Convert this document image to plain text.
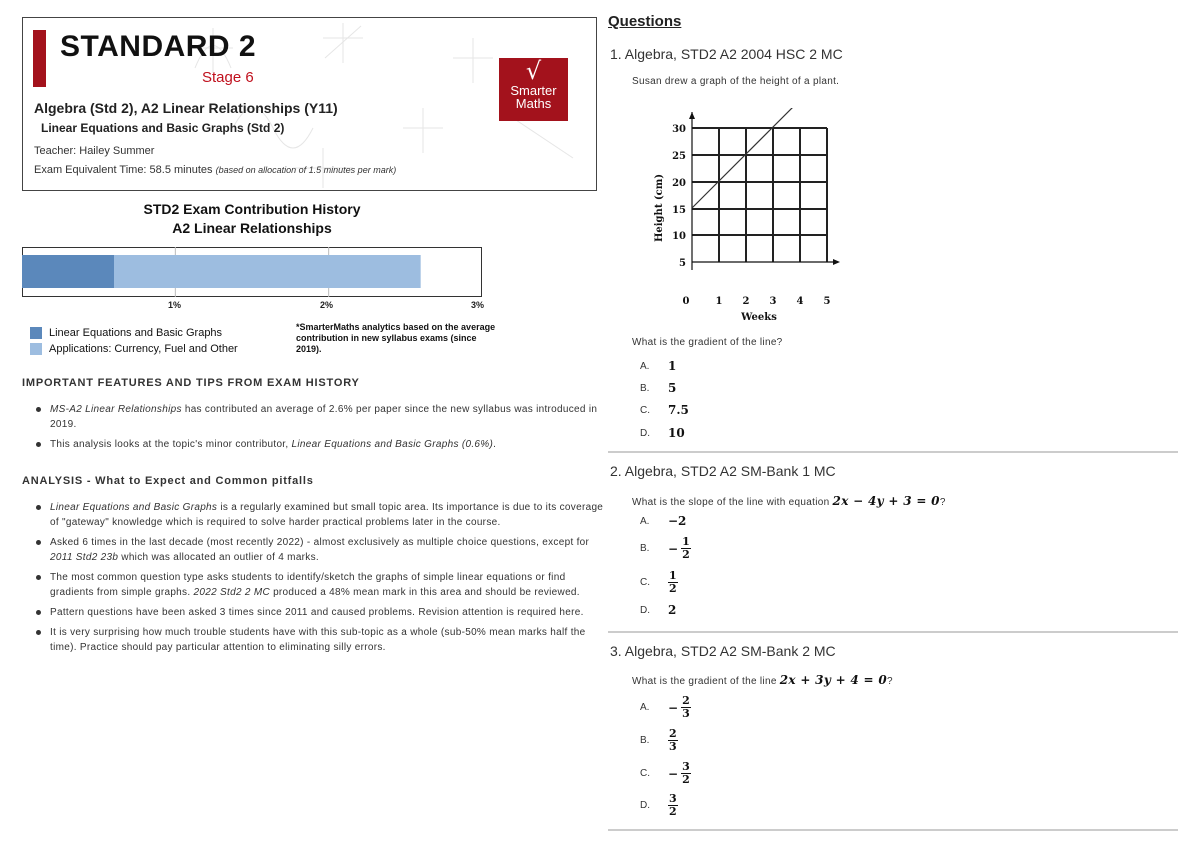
STANDARD 2
Stage 6
Algebra (Std 2), A2 Linear Relationships (Y11)
Linear Equations and Basic Graphs (Std 2)
Teacher: Hailey Summer
Exam Equivalent Time: 58.5 minutes (based on allocation of 1.5 minutes per mark)
√
Smarter
Maths
STD2 Exam Contribution History
A2 Linear Relationships
1%	2%	3%
Linear Equations and Basic Graphs
Applications: Currency, Fuel and Other
*SmarterMaths analytics based on the average contribution in new syllabus exams (since 2019).
IMPORTANT FEATURES AND TIPS FROM EXAM HISTORY
MS-A2 Linear Relationships has contributed an average of 2.6% per paper since the new syllabus was introduced in 2019.
This analysis looks at the topic's minor contributor, Linear Equations and Basic Graphs (0.6%).
ANALYSIS - What to Expect and Common pitfalls
Linear Equations and Basic Graphs is a regularly examined but small topic area. Its importance is due to its coverage of "gateway" knowledge which is required to solve harder practical problems later in the course.
Asked 6 times in the last decade (most recently 2022) - almost exclusively as multiple choice questions, except for 2011 Std2 23b which was allocated an outlier of 4 marks.
The most common question type asks students to identify/sketch the graphs of simple linear equations or find gradients from simple graphs. 2022 Std2 2 MC produced a 48% mean mark in this area and should be reviewed.
Pattern questions have been asked 3 times since 2011 and caused problems. Revision attention is required here.
It is very surprising how much trouble students have with this sub-topic as a whole (sub-50% mean marks half the time). Practice should pay particular attention to eliminating silly errors.
Questions
1. Algebra, STD2 A2 2004 HSC 2 MC
Susan drew a graph of the height of a plant.
5
10
15
20
25
30
0	1 2 3 4 5
Weeks
Height (cm)
What is the gradient of the line?
A.	1
B.	5
C.	7.5
D.	10
2. Algebra, STD2 A2 SM-Bank 1 MC
What is the slope of the line with equation 2x − 4y + 3 = 0?
A.	−2
B.	− $\frac{1}{2}$
C.	$\frac{1}{2}$
D.	2
3. Algebra, STD2 A2 SM-Bank 2 MC
What is the gradient of the line 2x + 3y + 4 = 0?
A.	− $\frac{2}{3}$
B.	$\frac{2}{3}$
C.	− $\frac{3}{2}$
D.	$\frac{3}{2}$
